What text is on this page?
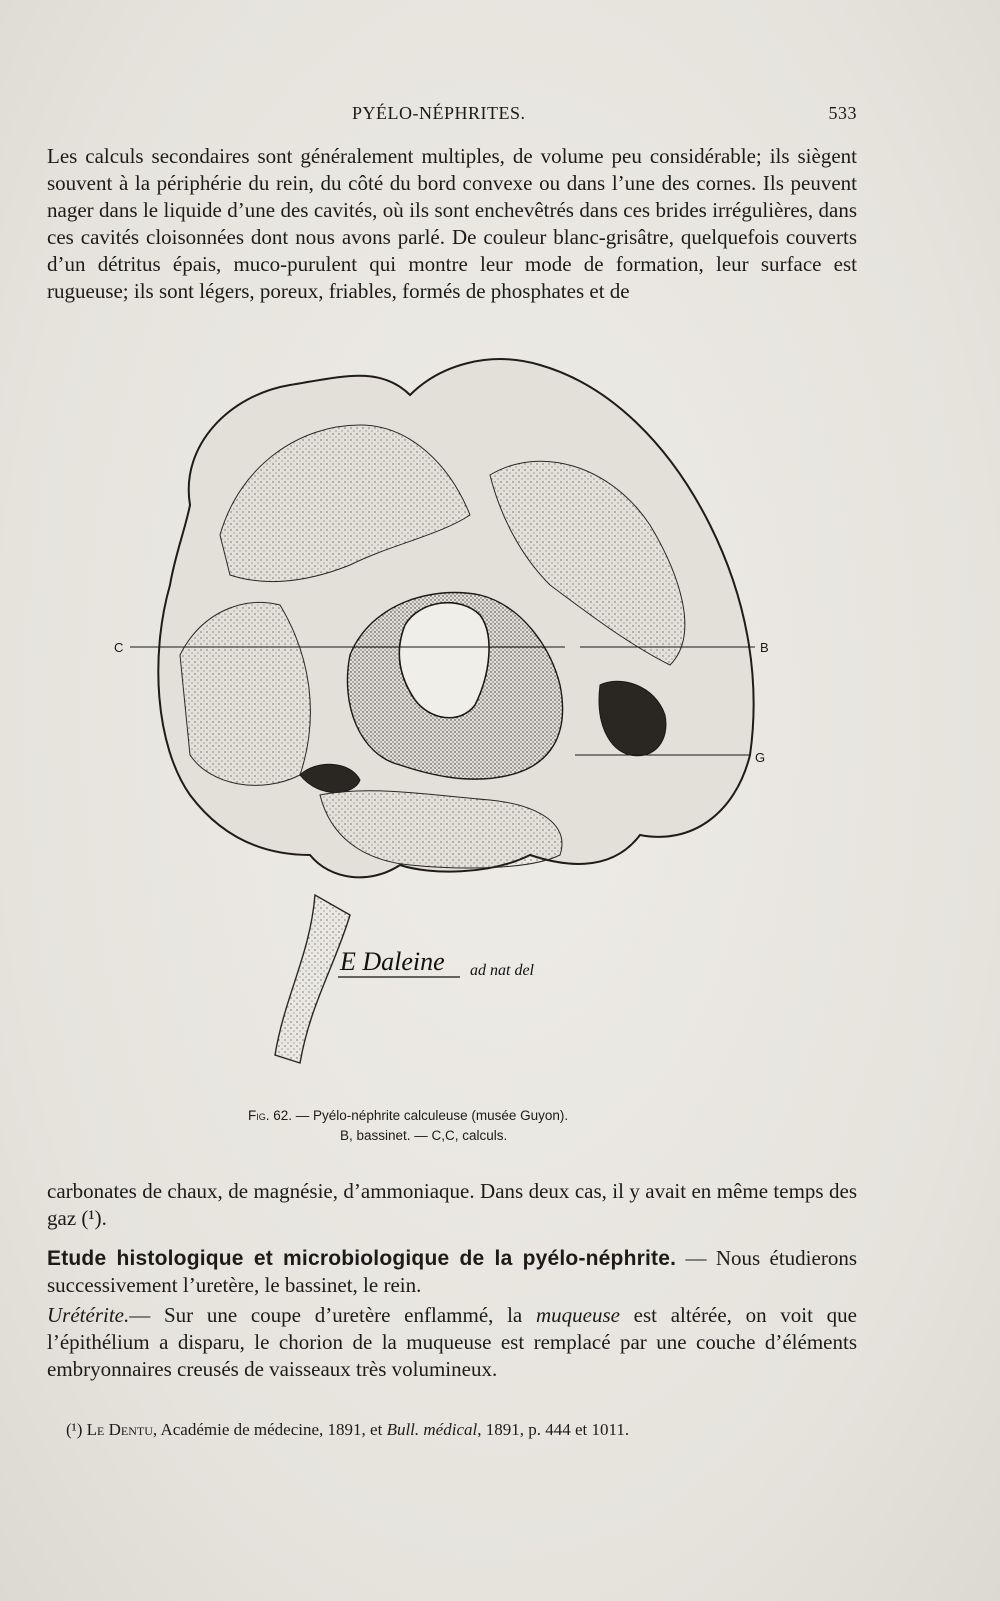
PYÉLO-NÉPHRITES.	533

Les calculs secondaires sont généralement multiples, de volume peu considérable; ils siègent souvent à la périphérie du rein, du côté du bord convexe ou dans l’une des cornes. Ils peuvent nager dans le liquide d’une des cavités, où ils sont enchevêtrés dans ces brides irrégulières, dans ces cavités cloisonnées dont nous avons parlé. De couleur blanc-grisâtre, quelquefois couverts d’un détritus épais, muco-purulent qui montre leur mode de formation, leur surface est rugueuse; ils sont légers, poreux, friables, formés de phosphates et de

C	B
G
E Daleine ad nat del
Fig. 62. — Pyélo-néphrite calculeuse (musée Guyon).
B, bassinet. — C,C, calculs.

carbonates de chaux, de magnésie, d’ammoniaque. Dans deux cas, il y avait en même temps des gaz (¹).

Etude histologique et microbiologique de la pyélo-néphrite. — Nous étudierons successivement l’uretère, le bassinet, le rein.

Urétérite.— Sur une coupe d’uretère enflammé, la muqueuse est altérée, on voit que l’épithélium a disparu, le chorion de la muqueuse est remplacé par une couche d’éléments embryonnaires creusés de vaisseaux très volumineux.

(¹) Le Dentu, Académie de médecine, 1891, et Bull. médical, 1891, p. 444 et 1011.
